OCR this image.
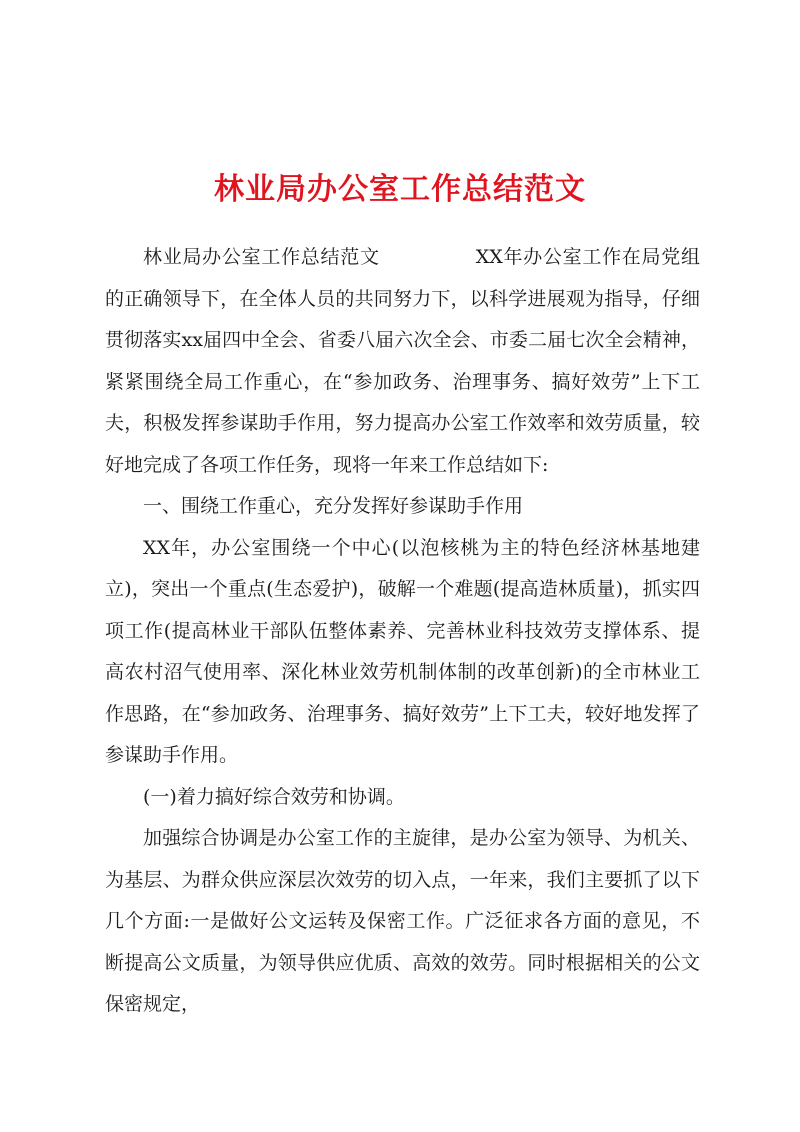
林业局办公室工作总结范文

林业局办公室工作总结范文	XX年办公室工作在局党组的正确领导下，在全体人员的共同努力下，以科学进展观为指导，仔细贯彻落实xx届四中全会、省委八届六次全会、市委二届七次全会精神，紧紧围绕全局工作重心，在“参加政务、治理事务、搞好效劳”上下工夫，积极发挥参谋助手作用，努力提高办公室工作效率和效劳质量，较好地完成了各项工作任务，现将一年来工作总结如下:

一、围绕工作重心，充分发挥好参谋助手作用

XX年，办公室围绕一个中心(以泡核桃为主的特色经济林基地建立)，突出一个重点(生态爱护)，破解一个难题(提高造林质量)，抓实四项工作(提高林业干部队伍整体素养、完善林业科技效劳支撑体系、提高农村沼气使用率、深化林业效劳机制体制的改革创新)的全市林业工作思路，在“参加政务、治理事务、搞好效劳”上下工夫，较好地发挥了参谋助手作用。

(一)着力搞好综合效劳和协调。

加强综合协调是办公室工作的主旋律，是办公室为领导、为机关、为基层、为群众供应深层次效劳的切入点，一年来，我们主要抓了以下几个方面:一是做好公文运转及保密工作。广泛征求各方面的意见，不断提高公文质量，为领导供应优质、高效的效劳。同时根据相关的公文保密规定，
